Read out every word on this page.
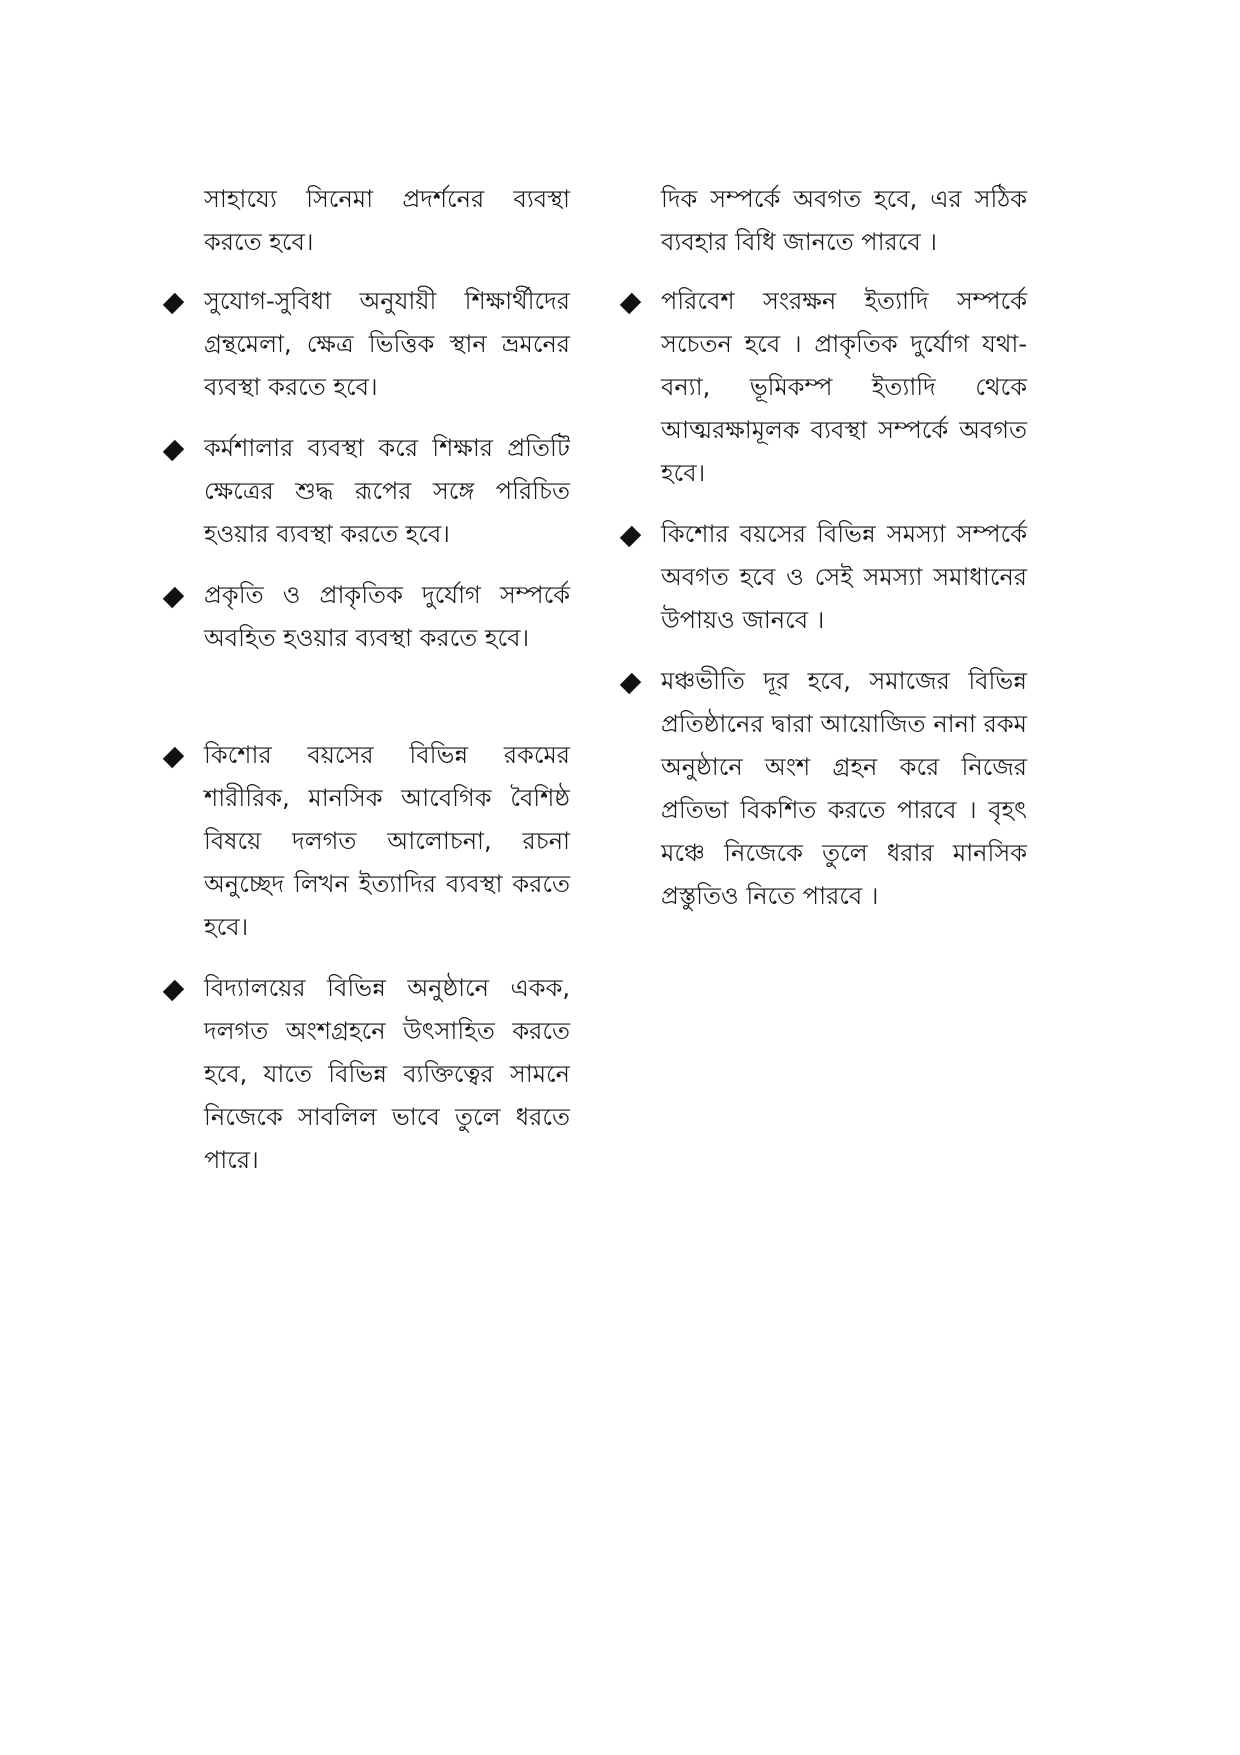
সাহায্যে সিনেমা প্রদর্শনের ব্যবস্থা করতে হবে।

সুযোগ-সুবিধা অনুযায়ী শিক্ষার্থীদের গ্রন্থমেলা, ক্ষেত্র ভিত্তিক স্থান ভ্রমনের ব্যবস্থা করতে হবে।

কর্মশালার ব্যবস্থা করে শিক্ষার প্রতিটি ক্ষেত্রের শুদ্ধ রূপের সঙ্গে পরিচিত হওয়ার ব্যবস্থা করতে হবে।

প্রকৃতি ও প্রাকৃতিক দুর্যোগ সম্পর্কে অবহিত হওয়ার ব্যবস্থা করতে হবে।

কিশোর বয়সের বিভিন্ন রকমের শারীরিক, মানসিক আবেগিক বৈশিষ্ঠ বিষয়ে দলগত আলোচনা, রচনা অনুচ্ছেদ লিখন ইত্যাদির ব্যবস্থা করতে হবে।

বিদ্যালয়ের বিভিন্ন অনুষ্ঠানে একক, দলগত অংশগ্রহনে উৎসাহিত করতে হবে, যাতে বিভিন্ন ব্যক্তিত্বের সামনে নিজেকে সাবলিল ভাবে তুলে ধরতে পারে।

দিক সম্পর্কে অবগত হবে, এর সঠিক ব্যবহার বিধি জানতে পারবে ।

পরিবেশ সংরক্ষন ইত্যাদি সম্পর্কে সচেতন হবে । প্রাকৃতিক দুর্যোগ যথা- বন্যা, ভূমিকম্প ইত্যাদি থেকে আত্মরক্ষামূলক ব্যবস্থা সম্পর্কে অবগত হবে।

কিশোর বয়সের বিভিন্ন সমস্যা সম্পর্কে অবগত হবে ও সেই সমস্যা সমাধানের উপায়ও জানবে ।

মঞ্চভীতি দূর হবে, সমাজের বিভিন্ন প্রতিষ্ঠানের দ্বারা আয়োজিত নানা রকম অনুষ্ঠানে অংশ গ্রহন করে নিজের প্রতিভা বিকশিত করতে পারবে । বৃহৎ মঞ্চে নিজেকে তুলে ধরার মানসিক প্রস্তুতিও নিতে পারবে ।
